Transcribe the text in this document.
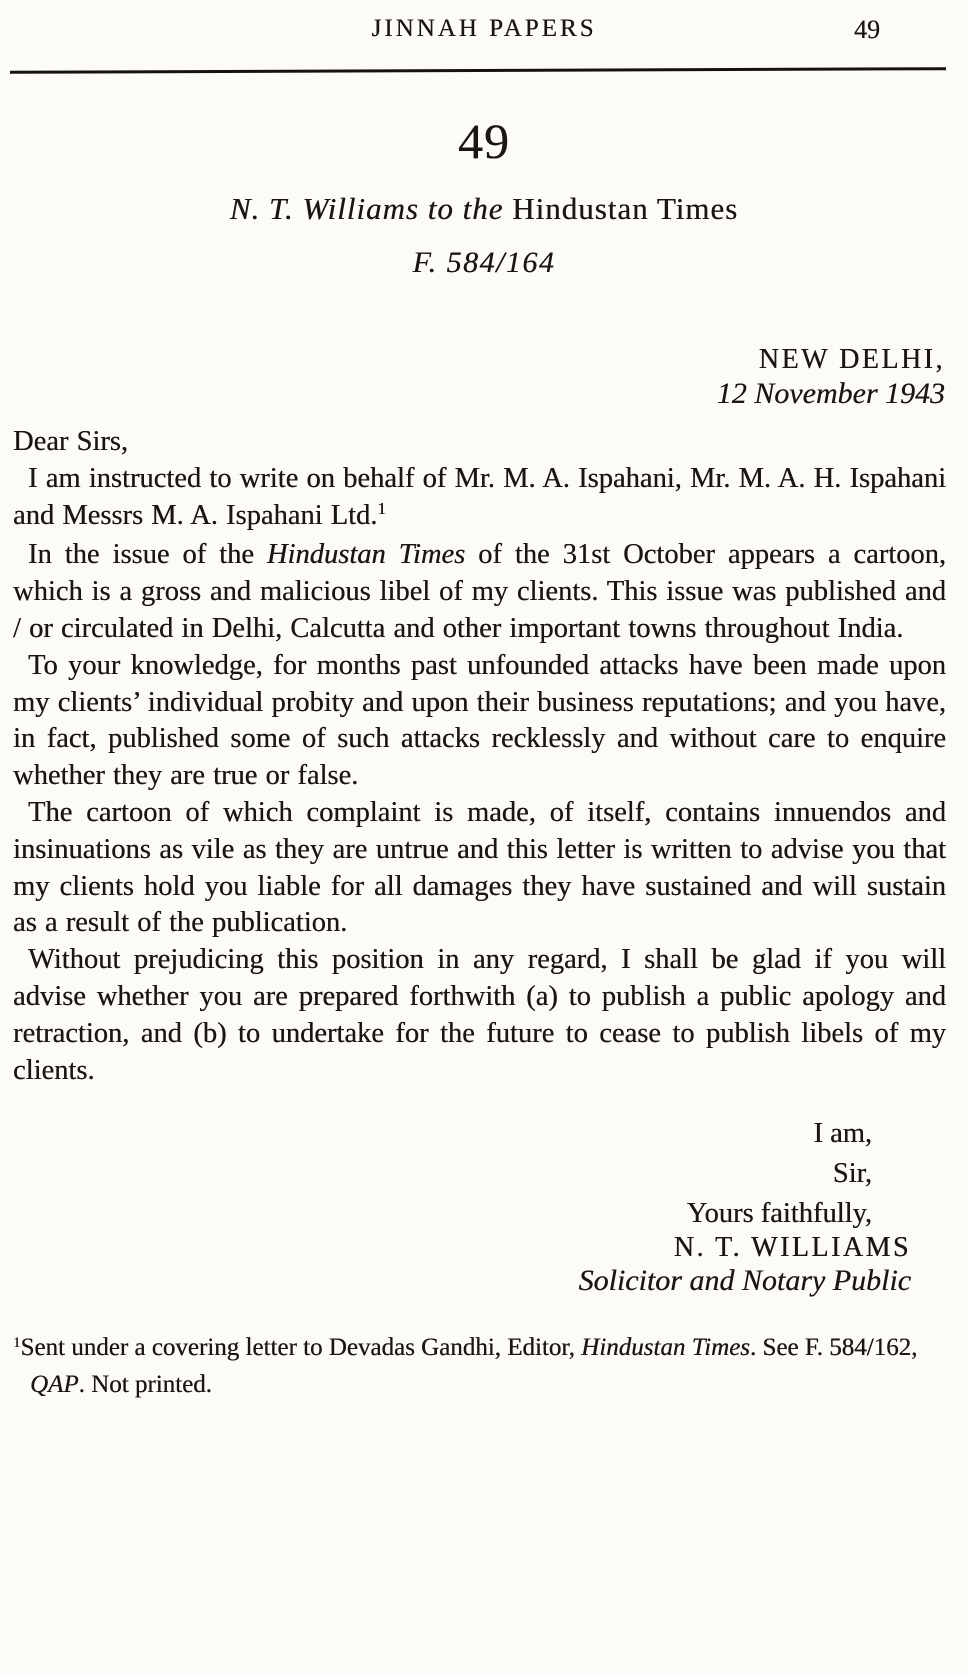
JINNAH PAPERS	49
49
N. T. Williams to the Hindustan Times
F. 584/164
NEW DELHI,
12 November 1943
Dear Sirs,

I am instructed to write on behalf of Mr. M. A. Ispahani, Mr. M. A. H. Ispahani and Messrs M. A. Ispahani Ltd.$^1$

In the issue of the Hindustan Times of the 31st October appears a cartoon, which is a gross and malicious libel of my clients. This issue was published and / or circulated in Delhi, Calcutta and other important towns throughout India.

To your knowledge, for months past unfounded attacks have been made upon my clients’ individual probity and upon their business reputations; and you have, in fact, published some of such attacks recklessly and without care to enquire whether they are true or false.

The cartoon of which complaint is made, of itself, contains innuendos and insinuations as vile as they are untrue and this letter is written to advise you that my clients hold you liable for all damages they have sustained and will sustain as a result of the publication.

Without prejudicing this position in any regard, I shall be glad if you will advise whether you are prepared forthwith (a) to publish a public apology and retraction, and (b) to undertake for the future to cease to publish libels of my clients.

I am,
Sir,
Yours faithfully,
N. T. WILLIAMS
Solicitor and Notary Public
$^1$Sent under a covering letter to Devadas Gandhi, Editor, Hindustan Times. See F. 584/162,
QAP. Not printed.
